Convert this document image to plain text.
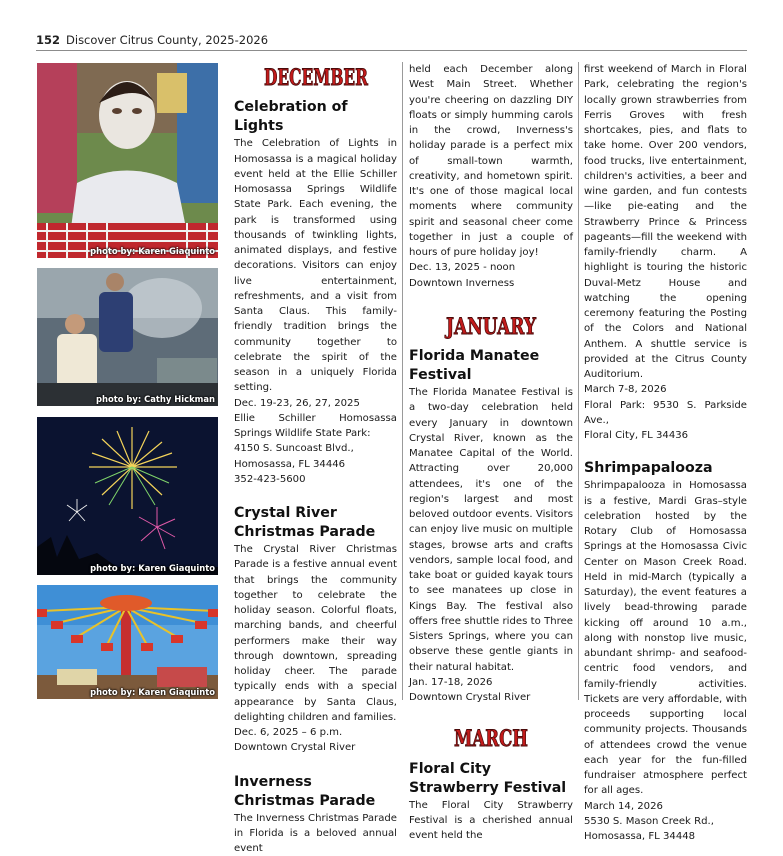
152 Discover Citrus County, 2025-2026
photo by: Karen Giaquinto
photo by: Cathy Hickman
photo by: Karen Giaquinto
photo by: Karen Giaquinto
DECEMBER
Celebration of Lights

The Celebration of Lights in Homosassa is a magical holiday event held at the Ellie Schiller Homosassa Springs Wildlife State Park. Each evening, the park is transformed using thousands of twinkling lights, animated displays, and festive decorations. Visitors can enjoy live entertainment, refreshments, and a visit from Santa Claus. This family-friendly tradition brings the community together to celebrate the spirit of the season in a uniquely Florida setting.

Dec. 19-23, 26, 27, 2025

Ellie Schiller Homosassa Springs Wildlife State Park:

4150 S. Suncoast Blvd.,

Homosassa, FL 34446

352-423-5600

Crystal River
Christmas Parade

The Crystal River Christmas Parade is a festive annual event that brings the community together to celebrate the holiday season. Colorful floats, marching bands, and cheerful performers make their way through downtown, spreading holiday cheer. The parade typically ends with a special appearance by Santa Claus, delighting children and families.

Dec. 6, 2025 – 6 p.m.

Downtown Crystal River

Inverness
Christmas Parade

The Inverness Christmas Parade in Florida is a beloved annual event

held each December along West Main Street. Whether you're cheering on dazzling DIY floats or simply humming carols in the crowd, Inverness's holiday parade is a perfect mix of small-town warmth, creativity, and hometown spirit. It's one of those magical local moments where community spirit and seasonal cheer come together in just a couple of hours of pure holiday joy!

Dec. 13, 2025 - noon

Downtown Inverness

JANUARY
Florida Manatee Festival

The Florida Manatee Festival is a two-day celebration held every January in downtown Crystal River, known as the Manatee Capital of the World. Attracting over 20,000 attendees, it's one of the region's largest and most beloved outdoor events. Visitors can enjoy live music on multiple stages, browse arts and crafts vendors, sample local food, and take boat or guided kayak tours to see manatees up close in Kings Bay. The festival also offers free shuttle rides to Three Sisters Springs, where you can observe these gentle giants in their natural habitat.

Jan. 17-18, 2026

Downtown Crystal River

MARCH
Floral City
Strawberry Festival

The Floral City Strawberry Festival is a cherished annual event held the

first weekend of March in Floral Park, celebrating the region's locally grown strawberries from Ferris Groves with fresh shortcakes, pies, and flats to take home. Over 200 vendors, food trucks, live entertainment, children's activities, a beer and wine garden, and fun contests—like pie-eating and the Strawberry Prince & Princess pageants—fill the weekend with family-friendly charm. A highlight is touring the historic Duval-Metz House and watching the opening ceremony featuring the Posting of the Colors and National Anthem. A shuttle service is provided at the Citrus County Auditorium.

March 7-8, 2026

Floral Park: 9530 S. Parkside Ave.,

Floral City, FL 34436

Shrimpapalooza

Shrimpapalooza in Homosassa is a festive, Mardi Gras–style celebration hosted by the Rotary Club of Homosassa Springs at the Homosassa Civic Center on Mason Creek Road. Held in mid-March (typically a Saturday), the event features a lively bead-throwing parade kicking off around 10 a.m., along with nonstop live music, abundant shrimp- and seafood-centric food vendors, and family-friendly activities. Tickets are very affordable, with proceeds supporting local community projects. Thousands of attendees crowd the venue each year for the fun-filled fundraiser atmosphere perfect for all ages.

March 14, 2026

5530 S. Mason Creek Rd.,

Homosassa, FL 34448
